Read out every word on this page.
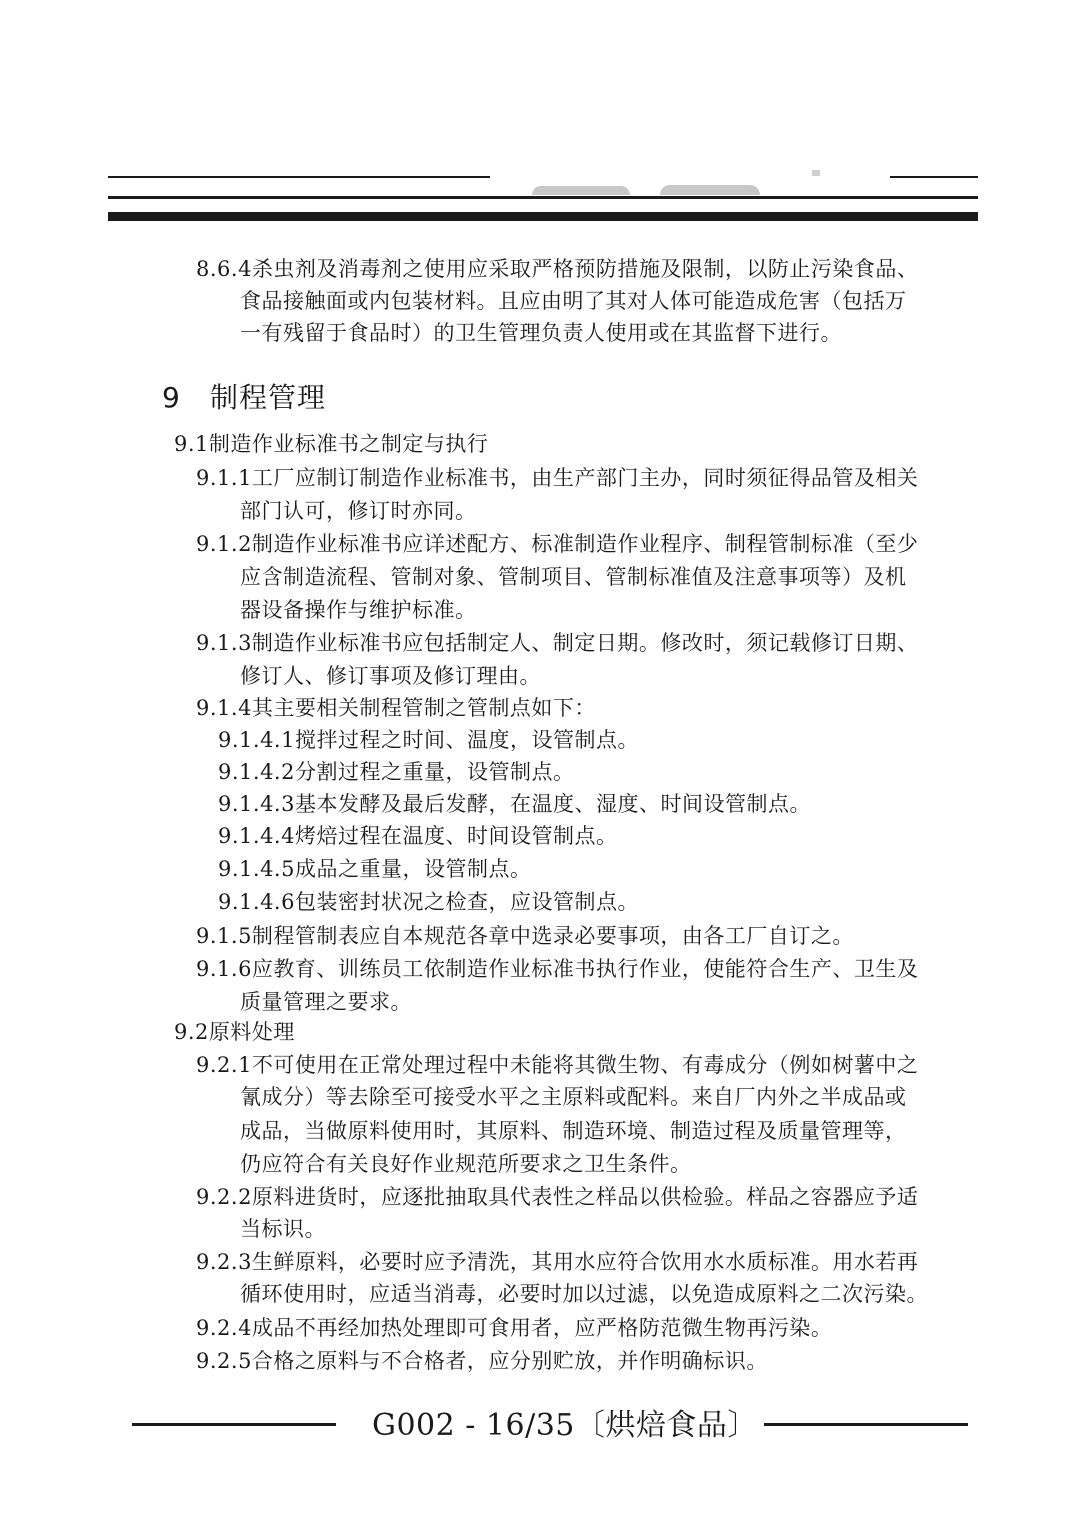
8.6.4杀虫剂及消毒剂之使用应采取严格预防措施及限制，以防止污染食品、
食品接触面或内包装材料。且应由明了其对人体可能造成危害（包括万
一有残留于食品时）的卫生管理负责人使用或在其监督下进行。
9 制程管理
9.1制造作业标准书之制定与执行
9.1.1工厂应制订制造作业标准书，由生产部门主办，同时须征得品管及相关
部门认可，修订时亦同。
9.1.2制造作业标准书应详述配方、标准制造作业程序、制程管制标准（至少
应含制造流程、管制对象、管制项目、管制标准值及注意事项等）及机
器设备操作与维护标准。
9.1.3制造作业标准书应包括制定人、制定日期。修改时，须记载修订日期、
修订人、修订事项及修订理由。
9.1.4其主要相关制程管制之管制点如下：
9.1.4.1搅拌过程之时间、温度，设管制点。
9.1.4.2分割过程之重量，设管制点。
9.1.4.3基本发酵及最后发酵，在温度、湿度、时间设管制点。
9.1.4.4烤焙过程在温度、时间设管制点。
9.1.4.5成品之重量，设管制点。
9.1.4.6包装密封状况之检查，应设管制点。
9.1.5制程管制表应自本规范各章中选录必要事项，由各工厂自订之。
9.1.6应教育、训练员工依制造作业标准书执行作业，使能符合生产、卫生及
质量管理之要求。
9.2原料处理
9.2.1不可使用在正常处理过程中未能将其微生物、有毒成分（例如树薯中之
氰成分）等去除至可接受水平之主原料或配料。来自厂内外之半成品或
成品，当做原料使用时，其原料、制造环境、制造过程及质量管理等，
仍应符合有关良好作业规范所要求之卫生条件。
9.2.2原料进货时，应逐批抽取具代表性之样品以供检验。样品之容器应予适
当标识。
9.2.3生鲜原料，必要时应予清洗，其用水应符合饮用水水质标准。用水若再
循环使用时，应适当消毒，必要时加以过滤，以免造成原料之二次污染。
9.2.4成品不再经加热处理即可食用者，应严格防范微生物再污染。
9.2.5合格之原料与不合格者，应分别贮放，并作明确标识。
G002 - 16/35〔烘焙食品〕
